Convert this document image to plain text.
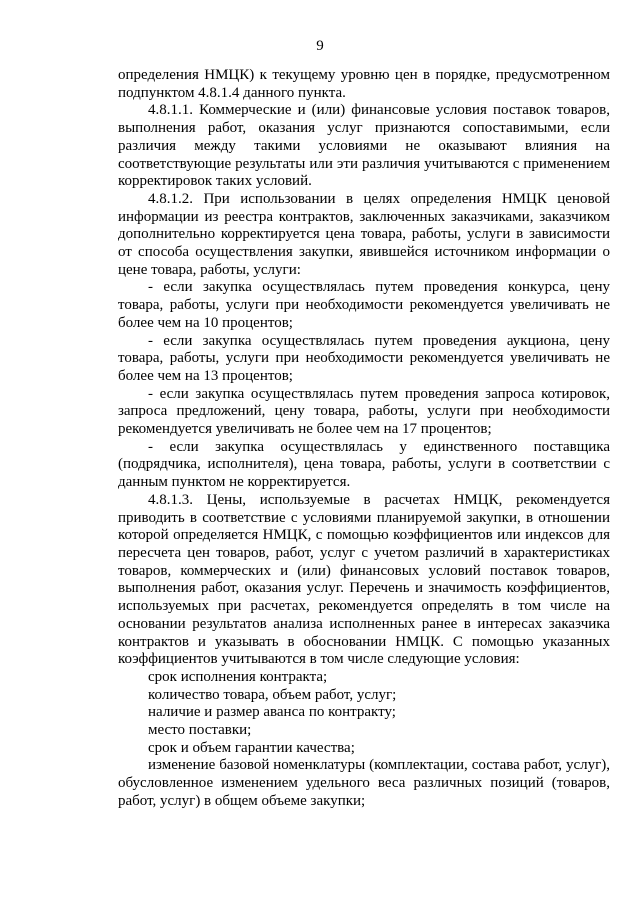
9

определения НМЦК) к текущему уровню цен в порядке, предусмотренном подпунктом 4.8.1.4 данного пункта.

4.8.1.1. Коммерческие и (или) финансовые условия поставок товаров, выполнения работ, оказания услуг признаются сопоставимыми, если различия между такими условиями не оказывают влияния на соответствующие результаты или эти различия учитываются с применением корректировок таких условий.

4.8.1.2. При использовании в целях определения НМЦК ценовой информации из реестра контрактов, заключенных заказчиками, заказчиком дополнительно корректируется цена товара, работы, услуги в зависимости от способа осуществления закупки, явившейся источником информации о цене товара, работы, услуги:

- если закупка осуществлялась путем проведения конкурса, цену товара, работы, услуги при необходимости рекомендуется увеличивать не более чем на 10 процентов;

- если закупка осуществлялась путем проведения аукциона, цену товара, работы, услуги при необходимости рекомендуется увеличивать не более чем на 13 процентов;

- если закупка осуществлялась путем проведения запроса котировок, запроса предложений, цену товара, работы, услуги при необходимости рекомендуется увеличивать не более чем на 17 процентов;

- если закупка осуществлялась у единственного поставщика (подрядчика, исполнителя), цена товара, работы, услуги в соответствии с данным пунктом не корректируется.

4.8.1.3. Цены, используемые в расчетах НМЦК, рекомендуется приводить в соответствие с условиями планируемой закупки, в отношении которой определяется НМЦК, с помощью коэффициентов или индексов для пересчета цен товаров, работ, услуг с учетом различий в характеристиках товаров, коммерческих и (или) финансовых условий поставок товаров, выполнения работ, оказания услуг. Перечень и значимость коэффициентов, используемых при расчетах, рекомендуется определять в том числе на основании результатов анализа исполненных ранее в интересах заказчика контрактов и указывать в обосновании НМЦК. С помощью указанных коэффициентов учитываются в том числе следующие условия:

срок исполнения контракта;

количество товара, объем работ, услуг;

наличие и размер аванса по контракту;

место поставки;

срок и объем гарантии качества;

изменение базовой номенклатуры (комплектации, состава работ, услуг), обусловленное изменением удельного веса различных позиций (товаров, работ, услуг) в общем объеме закупки;
